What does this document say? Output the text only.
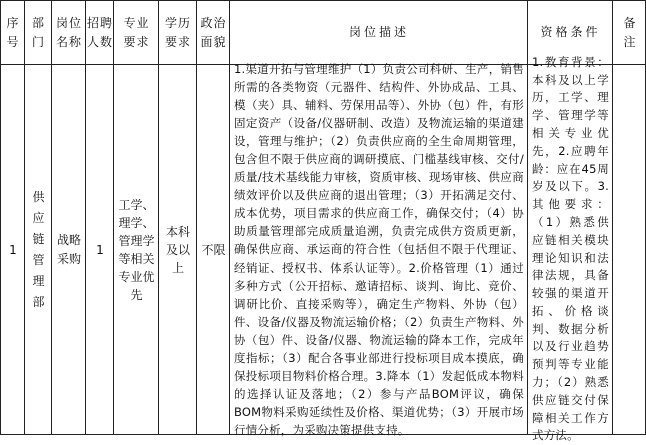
序号
部门
岗位名称
招聘人数
专业要求
学历要求
政治面貌
岗位描述	资格条件
备注
1
供应链管理部
战略采购
1
工学、理学、管理学等相关专业优先
本科及以上
不限
1.渠道开拓与管理维护（1）负责公司科研、生产，销售所需的各类物资（元器件、结构件、外协成品、工具、模（夹）具、辅料、劳保用品等）、外协（包）件，有形固定资产（设备/仪器研制、改造）及物流运输的渠道建设，管理与维护；（2）负责供应商的全生命周期管理，包含但不限于供应商的调研摸底、门槛基线审核、交付/质量/技术基线能力审核，资质审核、现场审核、供应商绩效评价以及供应商的退出管理；（3）开拓满足交付、成本优势，项目需求的供应商工作，确保交付；（4）协助质量管理部完成质量追溯，负责完成供方资质更新，确保供应商、承运商的符合性（包括但不限于代理证、经销证、授权书、体系认证等）。2.价格管理（1）通过多种方式（公开招标、邀请招标、谈判、询比、竞价、调研比价、直接采购等），确定生产物料、外协（包）件、设备/仪器及物流运输价格；（2）负责生产物料、外协（包）件、设备/仪器、物流运输的降本工作，完成年度指标；（3）配合各事业部进行投标项目成本摸底，确保投标项目物料价格合理。3.降本（1）发起低成本物料的选择认证及落地；（2）参与产品BOM评议，确保BOM物料采购延续性及价格、渠道优势；（3）开展市场行情分析，为采购决策提供支持。
1.教育背景：本科及以上学历，工学、理学、管理学等相关专业优先，2.应聘年龄：应在45周岁及以下。3.其他要求：（1）熟悉供应链相关模块理论知识和法律法规，具备较强的渠道开拓、价格谈判、数据分析以及行业趋势预判等专业能力；（2）熟悉供应链交付保障相关工作方式方法。
